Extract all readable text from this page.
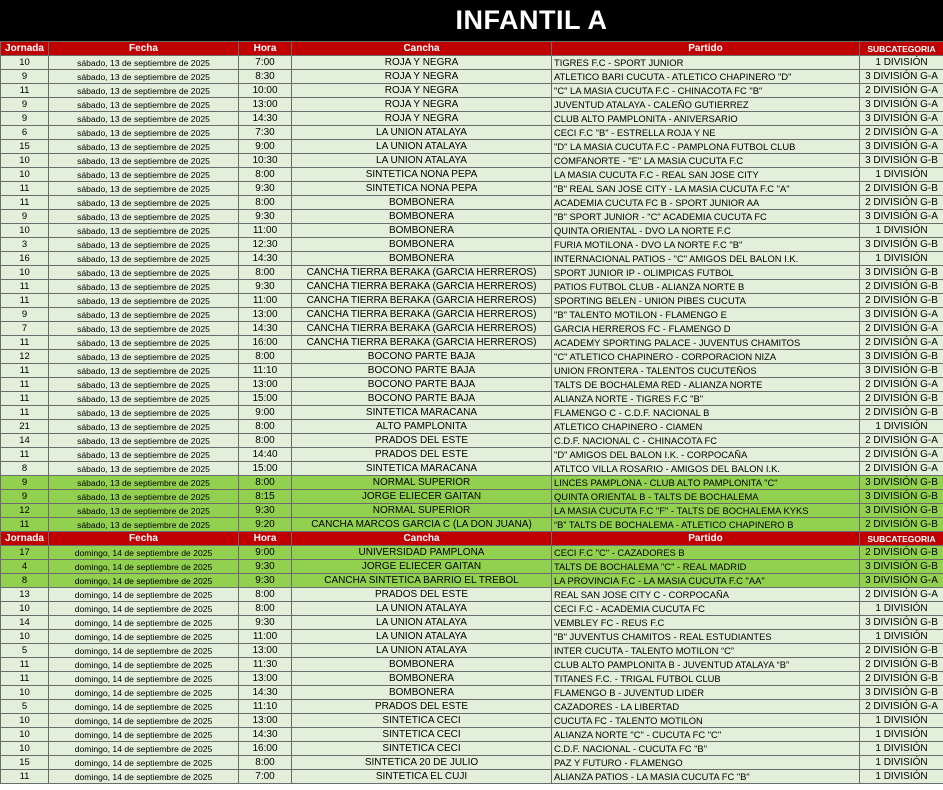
INFANTIL A
Jornada	Fecha	Hora	Cancha	Partido	SUBCATEGORIA
10	sábado, 13 de septiembre de 2025	7:00	ROJA Y NEGRA	TIGRES F.C - SPORT JUNIOR	1 DIVISIÓN
9	sábado, 13 de septiembre de 2025	8:30	ROJA Y NEGRA	ATLETICO BARI CUCUTA - ATLETICO CHAPINERO "D"	3 DIVISIÓN G-A
11	sábado, 13 de septiembre de 2025	10:00	ROJA Y NEGRA	"C" LA MASIA CUCUTA F.C - CHINACOTA FC "B"	2 DIVISIÓN G-A
9	sábado, 13 de septiembre de 2025	13:00	ROJA Y NEGRA	JUVENTUD ATALAYA - CALEÑO GUTIERREZ	3 DIVISIÓN G-A
9	sábado, 13 de septiembre de 2025	14:30	ROJA Y NEGRA	CLUB ALTO PAMPLONITA - ANIVERSARIO	3 DIVISIÓN G-A
6	sábado, 13 de septiembre de 2025	7:30	LA UNION ATALAYA	CECI F.C "B" - ESTRELLA ROJA Y NE	2 DIVISIÓN G-A
15	sábado, 13 de septiembre de 2025	9:00	LA UNION ATALAYA	"D" LA MASIA CUCUTA F.C - PAMPLONA FUTBOL CLUB	3 DIVISIÓN G-A
10	sábado, 13 de septiembre de 2025	10:30	LA UNION ATALAYA	COMFANORTE - "E" LA MASIA CUCUTA F.C	3 DIVISIÓN G-B
10	sábado, 13 de septiembre de 2025	8:00	SINTETICA NONA PEPA	LA MASIA CUCUTA F.C - REAL SAN JOSE CITY	1 DIVISIÓN
11	sábado, 13 de septiembre de 2025	9:30	SINTETICA NONA PEPA	"B" REAL SAN JOSE CITY - LA MASIA CUCUTA F.C "A"	2 DIVISIÓN G-B
11	sábado, 13 de septiembre de 2025	8:00	BOMBONERA	ACADEMIA CUCUTA FC B - SPORT JUNIOR AA	2 DIVISIÓN G-B
9	sábado, 13 de septiembre de 2025	9:30	BOMBONERA	"B" SPORT JUNIOR - "C" ACADEMIA CUCUTA FC	3 DIVISIÓN G-A
10	sábado, 13 de septiembre de 2025	11:00	BOMBONERA	QUINTA ORIENTAL - DVO LA NORTE F.C	1 DIVISIÓN
3	sábado, 13 de septiembre de 2025	12:30	BOMBONERA	FURIA MOTILONA - DVO LA NORTE F.C "B"	3 DIVISIÓN G-B
16	sábado, 13 de septiembre de 2025	14:30	BOMBONERA	INTERNACIONAL PATIOS - "C" AMIGOS DEL BALON I.K.	1 DIVISIÓN
10	sábado, 13 de septiembre de 2025	8:00	CANCHA TIERRA BERAKA (GARCIA HERREROS)	SPORT JUNIOR IP - OLIMPICAS FUTBOL	3 DIVISIÓN G-B
11	sábado, 13 de septiembre de 2025	9:30	CANCHA TIERRA BERAKA (GARCIA HERREROS)	PATIOS FUTBOL CLUB - ALIANZA NORTE B	2 DIVISIÓN G-B
11	sábado, 13 de septiembre de 2025	11:00	CANCHA TIERRA BERAKA (GARCIA HERREROS)	SPORTING BELEN - UNION PIBES CUCUTA	2 DIVISIÓN G-B
9	sábado, 13 de septiembre de 2025	13:00	CANCHA TIERRA BERAKA (GARCIA HERREROS)	"B" TALENTO MOTILON - FLAMENGO E	3 DIVISIÓN G-A
7	sábado, 13 de septiembre de 2025	14:30	CANCHA TIERRA BERAKA (GARCIA HERREROS)	GARCIA HERREROS FC - FLAMENGO D	2 DIVISIÓN G-A
11	sábado, 13 de septiembre de 2025	16:00	CANCHA TIERRA BERAKA (GARCIA HERREROS)	ACADEMY SPORTING PALACE - JUVENTUS CHAMITOS	2 DIVISIÓN G-A
12	sábado, 13 de septiembre de 2025	8:00	BOCONO PARTE BAJA	"C" ATLETICO CHAPINERO - CORPORACION NIZA	3 DIVISIÓN G-B
11	sábado, 13 de septiembre de 2025	11:10	BOCONO PARTE BAJA	UNION FRONTERA - TALENTOS CUCUTEÑOS	3 DIVISIÓN G-B
11	sábado, 13 de septiembre de 2025	13:00	BOCONO PARTE BAJA	TALTS DE BOCHALEMA RED - ALIANZA NORTE	2 DIVISIÓN G-A
11	sábado, 13 de septiembre de 2025	15:00	BOCONO PARTE BAJA	ALIANZA NORTE - TIGRES F.C "B"	2 DIVISIÓN G-B
11	sábado, 13 de septiembre de 2025	9:00	SINTETICA MARACANA	FLAMENGO C - C.D.F. NACIONAL B	2 DIVISIÓN G-B
21	sábado, 13 de septiembre de 2025	8:00	ALTO PAMPLONITA	ATLETICO CHAPINERO - CIAMEN	1 DIVISIÓN
14	sábado, 13 de septiembre de 2025	8:00	PRADOS DEL ESTE	C.D.F. NACIONAL C - CHINACOTA FC	2 DIVISIÓN G-A
11	sábado, 13 de septiembre de 2025	14:40	PRADOS DEL ESTE	"D" AMIGOS DEL BALON I.K. - CORPOCAÑA	2 DIVISIÓN G-A
8	sábado, 13 de septiembre de 2025	15:00	SINTETICA MARACANA	ATLTCO VILLA ROSARIO - AMIGOS DEL BALON I.K.	2 DIVISIÓN G-A
9	sábado, 13 de septiembre de 2025	8:00	NORMAL SUPERIOR	LINCES PAMPLONA - CLUB ALTO PAMPLONITA "C"	3 DIVISIÓN G-B
9	sábado, 13 de septiembre de 2025	8:15	JORGE ELIECER GAITAN	QUINTA ORIENTAL B - TALTS DE BOCHALEMA	3 DIVISIÓN G-B
12	sábado, 13 de septiembre de 2025	9:30	NORMAL SUPERIOR	LA MASIA CUCUTA F.C "F" - TALTS DE BOCHALEMA KYKS	3 DIVISIÓN G-B
11	sábado, 13 de septiembre de 2025	9:20	CANCHA MARCOS GARCIA C (LA DON JUANA)	“B” TALTS DE BOCHALEMA - ATLETICO CHAPINERO B	2 DIVISIÓN G-B
Jornada	Fecha	Hora	Cancha	Partido	SUBCATEGORIA
17	domingo, 14 de septiembre de 2025	9:00	UNIVERSIDAD PAMPLONA	CECI F.C "C" - CAZADORES B	2 DIVISIÓN G-B
4	domingo, 14 de septiembre de 2025	9:30	JORGE ELIECER GAITAN	TALTS DE BOCHALEMA "C" - REAL MADRID	3 DIVISIÓN G-B
8	domingo, 14 de septiembre de 2025	9:30	CANCHA SINTETICA BARRIO EL TREBOL	LA PROVINCIA F.C - LA MASIA CUCUTA F.C "AA"	3 DIVISIÓN G-A
13	domingo, 14 de septiembre de 2025	8:00	PRADOS DEL ESTE	REAL SAN JOSE CITY C - CORPOCAÑA	2 DIVISIÓN G-A
10	domingo, 14 de septiembre de 2025	8:00	LA UNION ATALAYA	CECI F.C - ACADEMIA CUCUTA FC	1 DIVISIÓN
14	domingo, 14 de septiembre de 2025	9:30	LA UNION ATALAYA	VEMBLEY FC - REUS F.C	3 DIVISIÓN G-B
10	domingo, 14 de septiembre de 2025	11:00	LA UNION ATALAYA	"B" JUVENTUS CHAMITOS - REAL ESTUDIANTES	1 DIVISIÓN
5	domingo, 14 de septiembre de 2025	13:00	LA UNION ATALAYA	INTER CUCUTA - TALENTO MOTILON “C”	2 DIVISIÓN G-B
11	domingo, 14 de septiembre de 2025	11:30	BOMBONERA	CLUB ALTO PAMPLONITA B - JUVENTUD ATALAYA “B”	2 DIVISIÓN G-B
11	domingo, 14 de septiembre de 2025	13:00	BOMBONERA	TITANES F.C. - TRIGAL FUTBOL CLUB	2 DIVISIÓN G-B
10	domingo, 14 de septiembre de 2025	14:30	BOMBONERA	FLAMENGO B - JUVENTUD LIDER	3 DIVISIÓN G-B
5	domingo, 14 de septiembre de 2025	11:10	PRADOS DEL ESTE	CAZADORES - LA LIBERTAD	2 DIVISIÓN G-A
10	domingo, 14 de septiembre de 2025	13:00	SINTETICA CECI	CUCUTA FC - TALENTO MOTILON	1 DIVISIÓN
10	domingo, 14 de septiembre de 2025	14:30	SINTETICA CECI	ALIANZA NORTE "C" - CUCUTA FC "C"	1 DIVISIÓN
10	domingo, 14 de septiembre de 2025	16:00	SINTETICA CECI	C.D.F. NACIONAL - CUCUTA FC "B"	1 DIVISIÓN
15	domingo, 14 de septiembre de 2025	8:00	SINTETICA 20 DE JULIO	PAZ Y FUTURO - FLAMENGO	1 DIVISIÓN
11	domingo, 14 de septiembre de 2025	7:00	SINTETICA EL CUJI	ALIANZA PATIOS - LA MASIA CUCUTA FC "B"	1 DIVISIÓN
